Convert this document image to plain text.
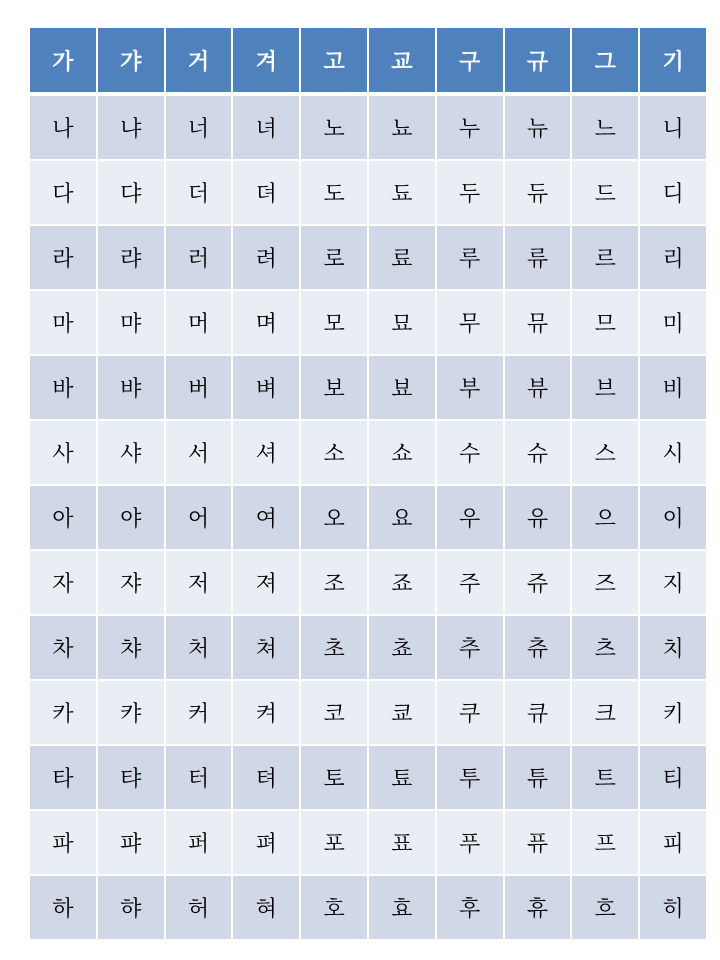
가	갸	거	겨	고	교	구	규	그	기
나	냐	너	녀	노	뇨	누	뉴	느	니
다	댜	더	뎌	도	됴	두	듀	드	디
라	랴	러	려	로	료	루	류	르	리
마	먀	머	며	모	묘	무	뮤	므	미
바	뱌	버	벼	보	뵤	부	뷰	브	비
사	샤	서	셔	소	쇼	수	슈	스	시
아	야	어	여	오	요	우	유	으	이
자	쟈	저	져	조	죠	주	쥬	즈	지
차	챠	처	쳐	초	쵸	추	츄	츠	치
카	캬	커	켜	코	쿄	쿠	큐	크	키
타	탸	터	텨	토	툐	투	튜	트	티
파	퍄	퍼	펴	포	표	푸	퓨	프	피
하	햐	허	혀	호	효	후	휴	흐	히
